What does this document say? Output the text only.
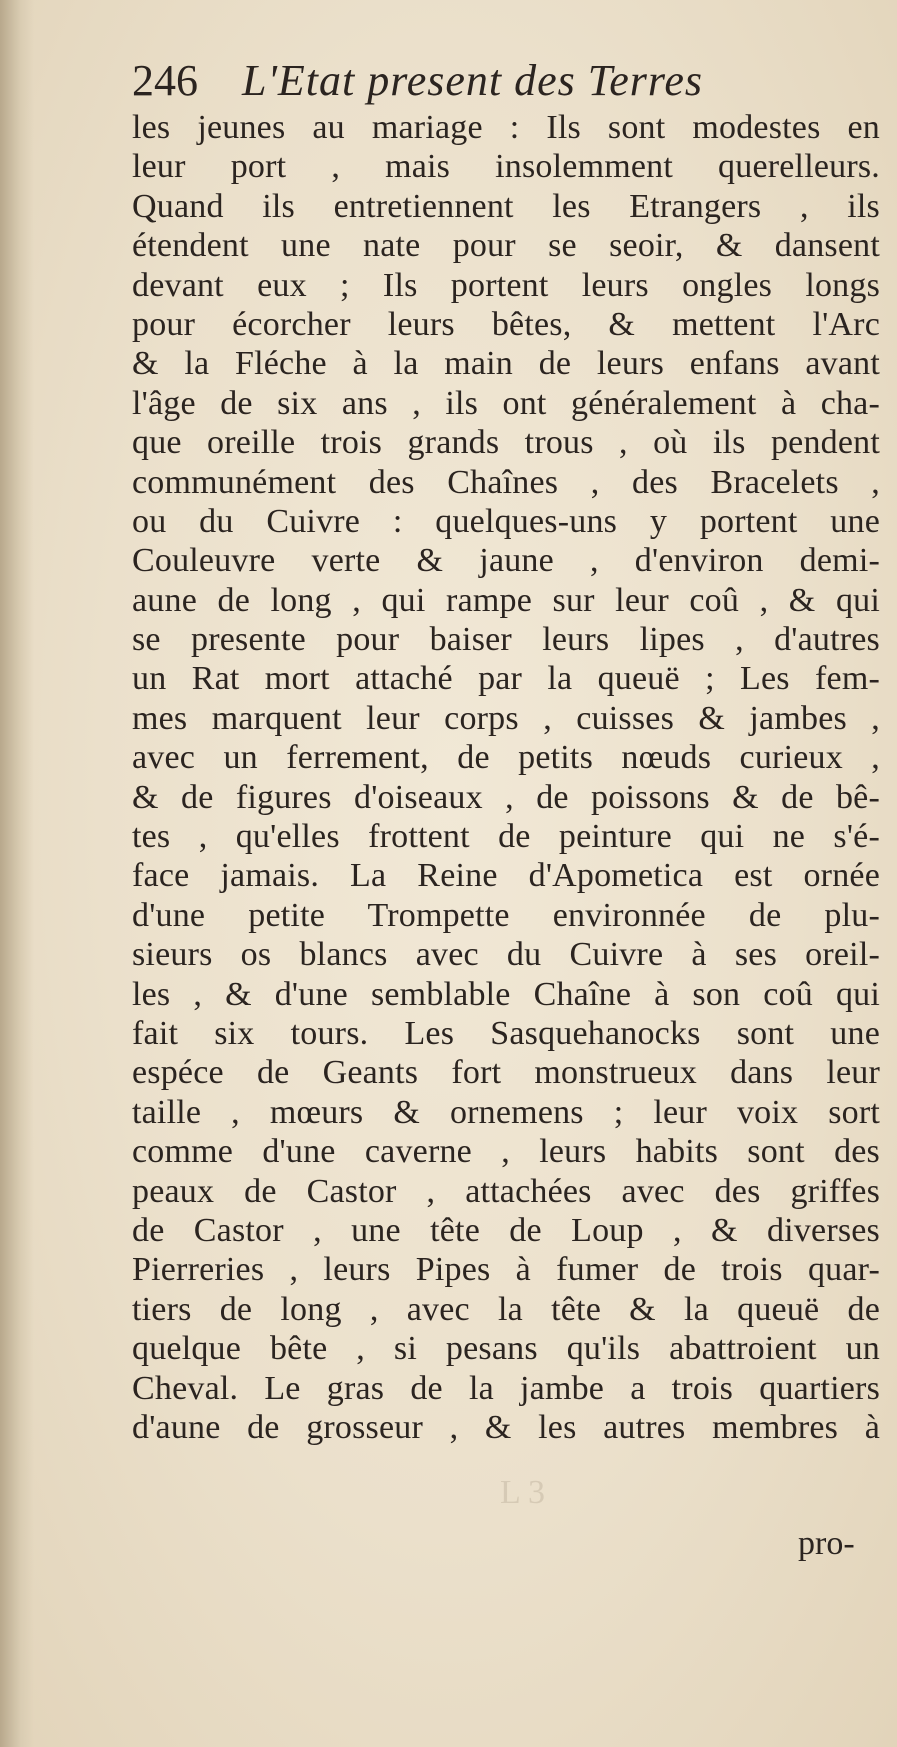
246 L'Etat present des Terres
les jeunes au mariage : Ils sont modestes en
leur port , mais insolemment querelleurs.
Quand ils entretiennent les Etrangers , ils
étendent une nate pour se seoir, & dansent
devant eux ; Ils portent leurs ongles longs
pour écorcher leurs bêtes, & mettent l'Arc
& la Fléche à la main de leurs enfans avant
l'âge de six ans , ils ont généralement à cha-
que oreille trois grands trous , où ils pendent
communément des Chaînes , des Bracelets ,
ou du Cuivre : quelques-uns y portent une
Couleuvre verte & jaune , d'environ demi-
aune de long , qui rampe sur leur coû , & qui
se presente pour baiser leurs lipes , d'autres
un Rat mort attaché par la queuë ; Les fem-
mes marquent leur corps , cuisses & jambes ,
avec un ferrement, de petits nœuds curieux ,
& de figures d'oiseaux , de poissons & de bê-
tes , qu'elles frottent de peinture qui ne s'é-
face jamais. La Reine d'Apometica est ornée
d'une petite Trompette environnée de plu-
sieurs os blancs avec du Cuivre à ses oreil-
les , & d'une semblable Chaîne à son coû qui
fait six tours. Les Sasquehanocks sont une
espéce de Geants fort monstrueux dans leur
taille , mœurs & ornemens ; leur voix sort
comme d'une caverne , leurs habits sont des
peaux de Castor , attachées avec des griffes
de Castor , une tête de Loup , & diverses
Pierreries , leurs Pipes à fumer de trois quar-
tiers de long , avec la tête & la queuë de
quelque bête , si pesans qu'ils abattroient un
Cheval. Le gras de la jambe a trois quartiers
d'aune de grosseur , & les autres membres à
L 3
pro-
